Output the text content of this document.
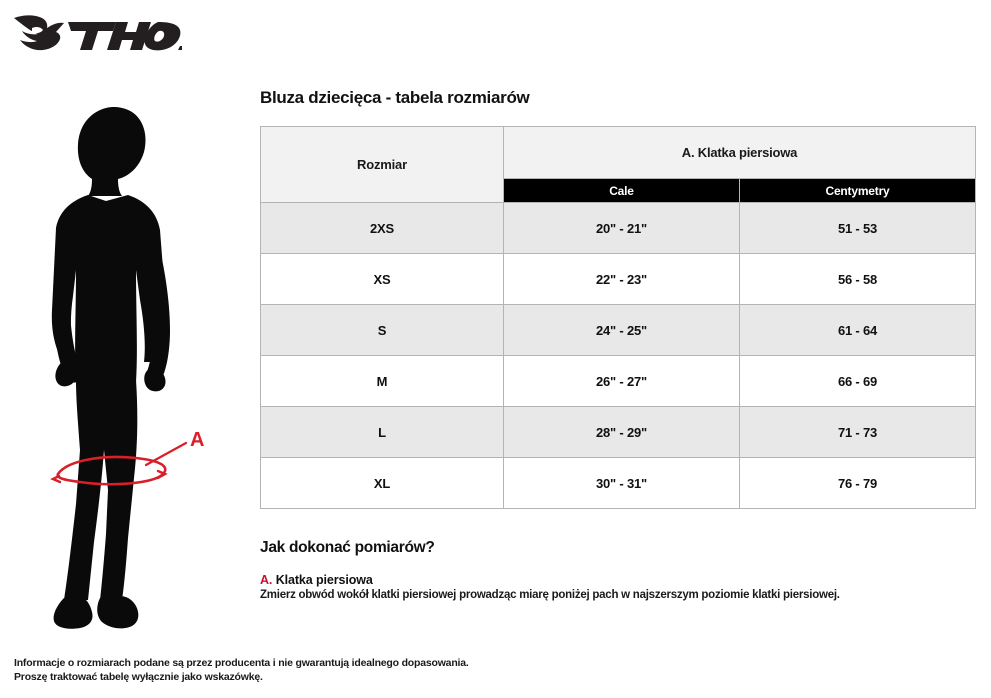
A
Bluza dziecięca - tabela rozmiarów
Rozmiar	A. Klatka piersiowa	
	Cale	Centymetry
2XS	20" - 21"	51 - 53
XS	22" - 23"	56 - 58
S	24" - 25"	61 - 64
M	26" - 27"	66 - 69
L	28" - 29"	71 - 73
XL	30" - 31"	76 - 79
Jak dokonać pomiarów?

A. Klatka piersiowa

Zmierz obwód wokół klatki piersiowej prowadząc miarę poniżej pach w najszerszym poziomie klatki piersiowej.

Informacje o rozmiarach podane są przez producenta i nie gwarantują idealnego dopasowania.
Proszę traktować tabelę wyłącznie jako wskazówkę.
